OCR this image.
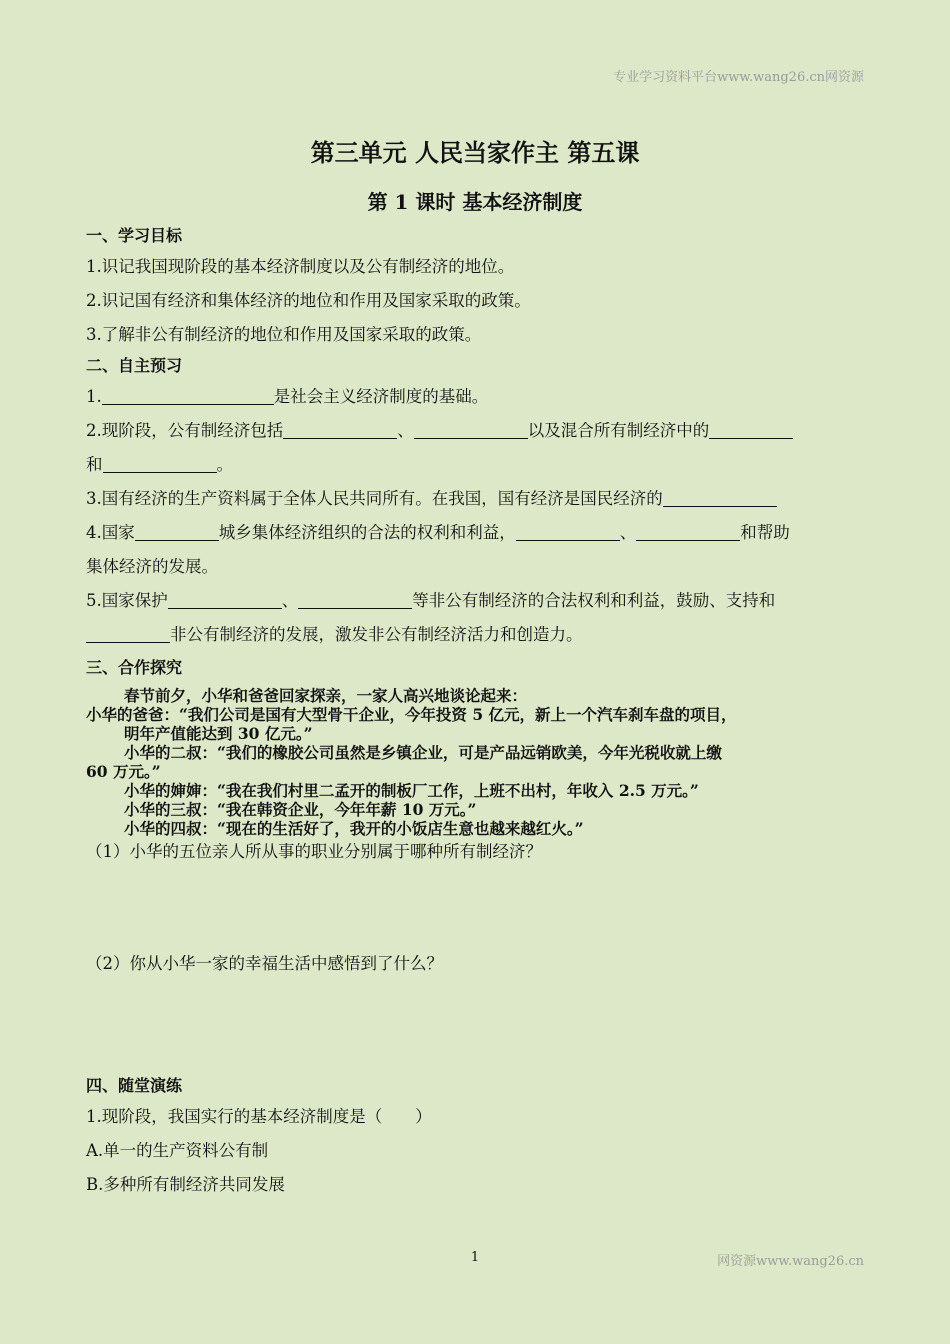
专业学习资料平台www.wang26.cn网资源
第三单元 人民当家作主 第五课
第 1 课时 基本经济制度
一、学习目标
1.识记我国现阶段的基本经济制度以及公有制经济的地位。
2.识记国有经济和集体经济的地位和作用及国家采取的政策。
3.了解非公有制经济的地位和作用及国家采取的政策。
二、自主预习
1.	是社会主义经济制度的基础。
2.现阶段，公有制经济包括	、	以及混合所有制经济中的
和	。
3.国有经济的生产资料属于全体人民共同所有。在我国，国有经济是国民经济的
4.国家	城乡集体经济组织的合法的权利和利益，	、	和帮助
集体经济的发展。
5.国家保护	、	等非公有制经济的合法权利和利益，鼓励、支持和
非公有制经济的发展，激发非公有制经济活力和创造力。
三、合作探究
春节前夕，小华和爸爸回家探亲，一家人高兴地谈论起来：
小华的爸爸：“我们公司是国有大型骨干企业，今年投资 5 亿元，新上一个汽车刹车盘的项目，
明年产值能达到 30 亿元。”
小华的二叔：“我们的橡胶公司虽然是乡镇企业，可是产品远销欧美，今年光税收就上缴
60 万元。”
小华的婶婶：“我在我们村里二孟开的制板厂工作，上班不出村，年收入 2.5 万元。”
小华的三叔：“我在韩资企业，今年年薪 10 万元。”
小华的四叔：“现在的生活好了，我开的小饭店生意也越来越红火。”
（1）小华的五位亲人所从事的职业分别属于哪种所有制经济？
（2）你从小华一家的幸福生活中感悟到了什么？
四、随堂演练
1.现阶段，我国实行的基本经济制度是（　　）
A.单一的生产资料公有制
B.多种所有制经济共同发展
1	网资源www.wang26.cn
